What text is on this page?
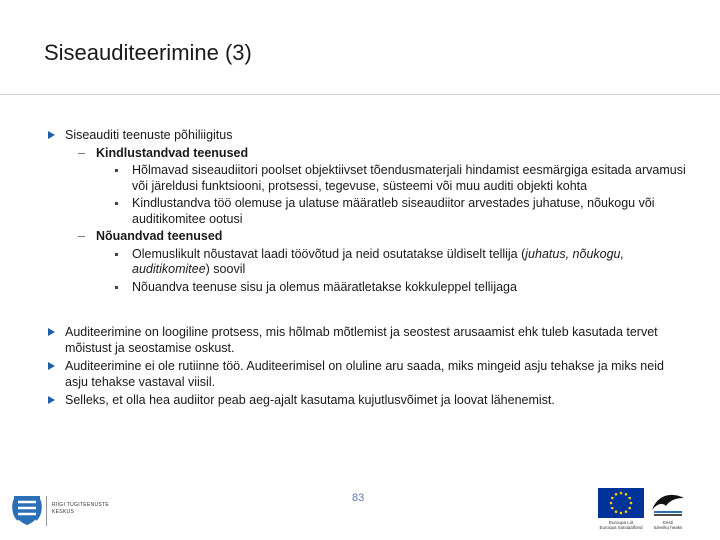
Siseauditeerimine (3)
Siseauditi teenuste põhiliigitus
– Kindlustandvad teenused
Hõlmavad siseaudiitori poolset objektiivset tõendusmaterjali hindamist eesmärgiga esitada arvamusi või järeldusi funktsiooni, protsessi, tegevuse, süsteemi või muu auditi objekti kohta
Kindlustandva töö olemuse ja ulatuse määratleb siseaudiitor arvestades juhatuse, nõukogu või auditikomitee ootusi
– Nõuandvad teenused
Olemuslikult nõustavat laadi töövõtud ja neid osutatakse üldiselt tellija (juhatus, nõukogu, auditikomitee) soovil
Nõuandva teenuse sisu ja olemus määratletakse kokkuleppel tellijaga
Auditeerimine on loogiline protsess, mis hõlmab mõtlemist ja seostest arusaamist ehk tuleb kasutada tervet mõistust ja seostamise oskust.
Auditeerimine ei ole rutiinne töö. Auditeerimisel on oluline aru saada, miks mingeid asju tehakse ja miks neid asju tehakse vastaval viisil.
Selleks, et olla hea audiitor peab aeg-ajalt kasutama kujutlusvõimet ja loovat lähenemist.
RIIGI TUGITEENUSTE
KESKUS
83
Euroopa Liit
Euroopa Sotsiaalfond
Eesti
tuleviku heaks
